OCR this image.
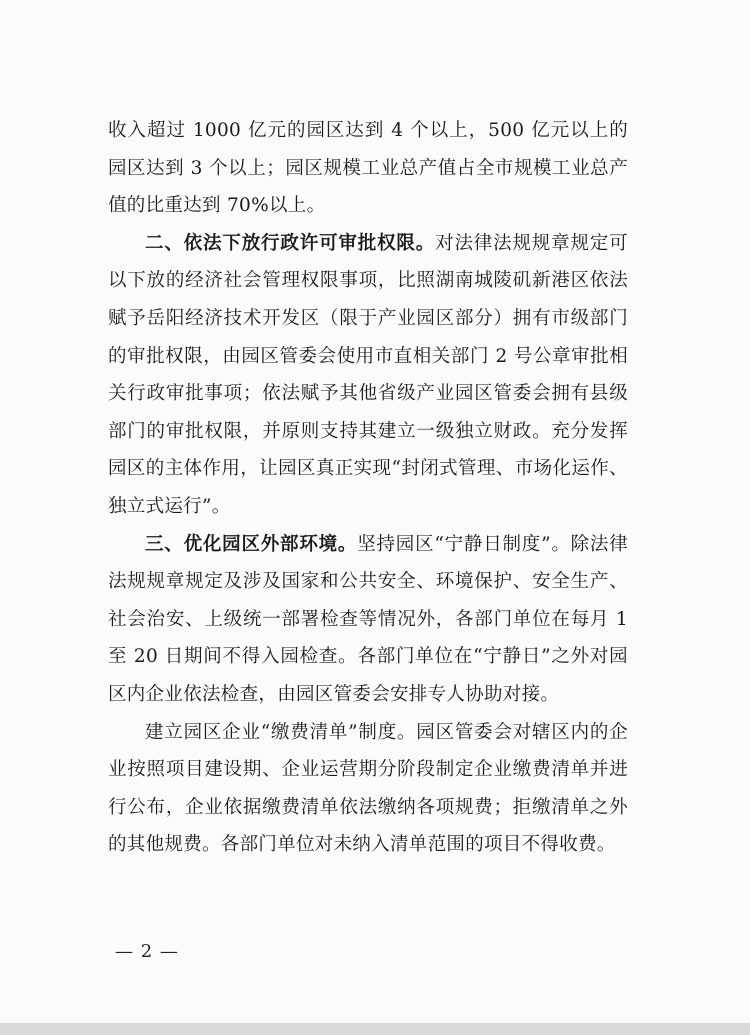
收入超过 1000 亿元的园区达到 4 个以上，500 亿元以上的园区达到 3 个以上；园区规模工业总产值占全市规模工业总产值的比重达到 70%以上。

二、依法下放行政许可审批权限。对法律法规规章规定可以下放的经济社会管理权限事项，比照湖南城陵矶新港区依法赋予岳阳经济技术开发区（限于产业园区部分）拥有市级部门的审批权限，由园区管委会使用市直相关部门 2 号公章审批相关行政审批事项；依法赋予其他省级产业园区管委会拥有县级部门的审批权限，并原则支持其建立一级独立财政。充分发挥园区的主体作用，让园区真正实现“封闭式管理、市场化运作、独立式运行”。

三、优化园区外部环境。坚持园区“宁静日制度”。除法律法规规章规定及涉及国家和公共安全、环境保护、安全生产、社会治安、上级统一部署检查等情况外，各部门单位在每月 1 至 20 日期间不得入园检查。各部门单位在“宁静日”之外对园区内企业依法检查，由园区管委会安排专人协助对接。

建立园区企业“缴费清单”制度。园区管委会对辖区内的企业按照项目建设期、企业运营期分阶段制定企业缴费清单并进行公布，企业依据缴费清单依法缴纳各项规费；拒缴清单之外的其他规费。各部门单位对未纳入清单范围的项目不得收费。

— 2 —
